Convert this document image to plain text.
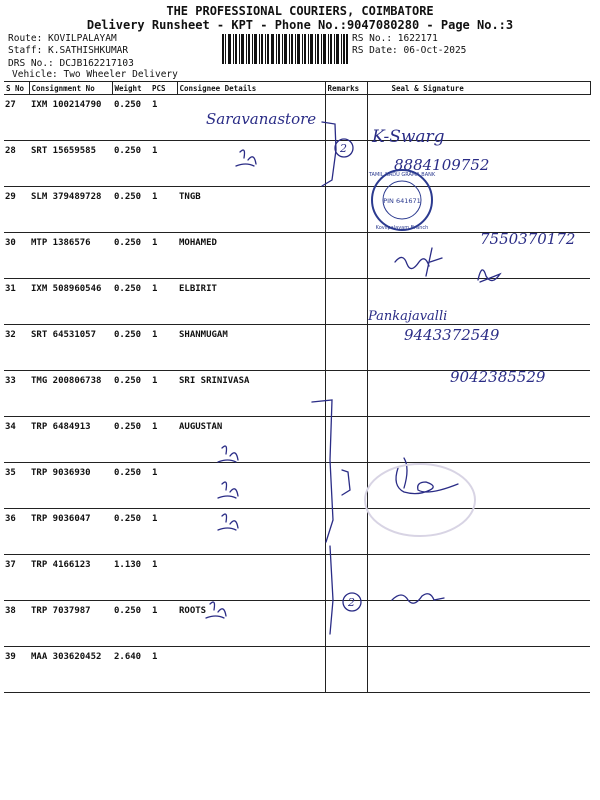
THE PROFESSIONAL COURIERS, COIMBATORE
Delivery Runsheet - KPT - Phone No.:9047080280 - Page No.:3
Route: KOVILPALAYAM
Staff: K.SATHISHKUMAR
DRS No.: DCJB162217103
Vehicle: Two Wheeler Delivery
RS No.: 1622171
RS Date: 06-Oct-2025
S No	Consignment No	Weight	PCS	Consignee Details	Remarks	Seal & Signature
27	IXM 100214790	0.250	1			
28	SRT 15659585	0.250	1			
29	SLM 379489728	0.250	1	TNGB		
30	MTP 1386576	0.250	1	MOHAMED		
31	IXM 508960546	0.250	1	ELBIRIT		
32	SRT 64531057	0.250	1	SHANMUGAM		
33	TMG 200806738	0.250	1	SRI SRINIVASA		
34	TRP 6484913	0.250	1	AUGUSTAN		
35	TRP 9036930	0.250	1			
36	TRP 9036047	0.250	1			
37	TRP 4166123	1.130	1			
38	TRP 7037987	0.250	1	ROOTS		
39	MAA 303620452	2.640	1			
Saravanastore
K-Swarg
8884109752
7550370172
Pankajavalli
9443372549
9042385529
2
2
PIN 641671
TAMIL NADU GRAMA BANK
Kovilpalayam Branch
